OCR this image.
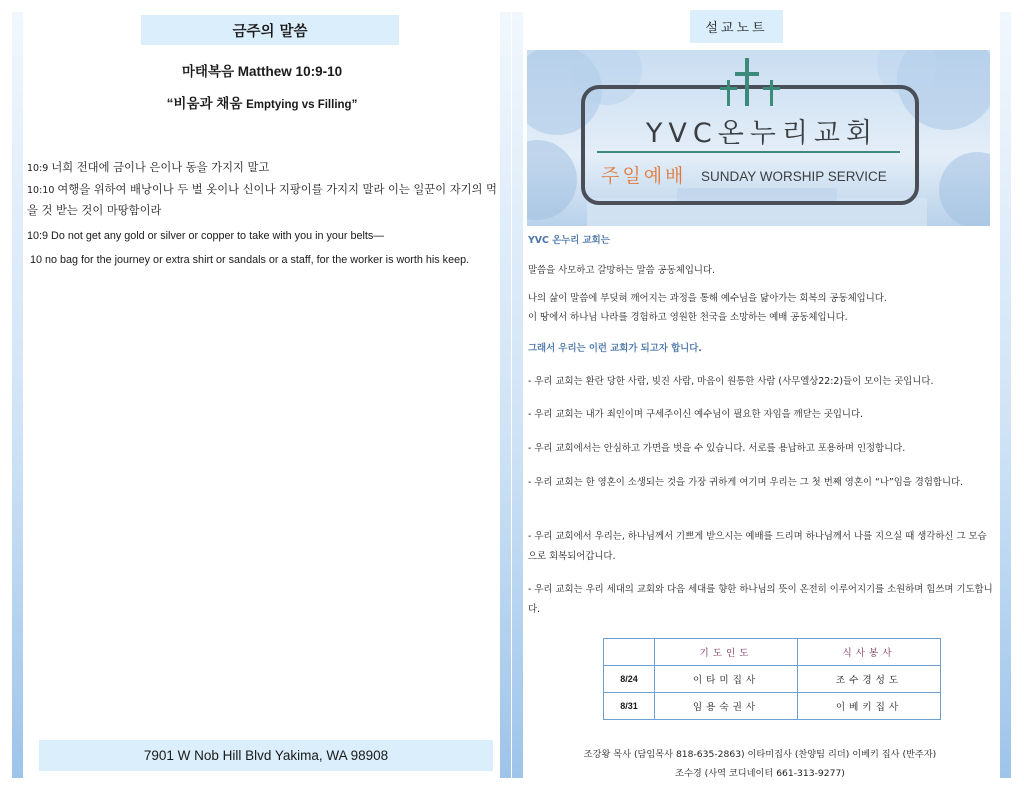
금주의 말씀
마태복음 Matthew 10:9-10
“비움과 채움 Emptying vs Filling”

10:9 너희 전대에 금이나 은이나 동을 가지지 말고

10:10 여행을 위하여 배낭이나 두 벌 옷이나 신이나 지팡이를 가지지 말라 이는 일꾼이 자기의 먹을 것 받는 것이 마땅함이라

10:9 Do not get any gold or silver or copper to take with you in your belts—

10 no bag for the journey or extra shirt or sandals or a staff, for the worker is worth his keep.

7901 W Nob Hill Blvd Yakima, WA 98908
설교노트
YVC온누리교회
주일예배 SUNDAY WORSHIP SERVICE

YVC 온누리 교회는

말씀을 사모하고 갈망하는 말씀 공동체입니다.

나의 삶이 말씀에 부딪혀 깨어지는 과정을 통해 예수님을 닮아가는 회복의 공동체입니다.

이 땅에서 하나님 나라를 경험하고 영원한 천국을 소망하는 예배 공동체입니다.

그래서 우리는 이런 교회가 되고자 합니다.

- 우리 교회는 환란 당한 사람, 빚진 사람, 마음이 원통한 사람 (사무엘상22:2)들이 모이는 곳입니다.

- 우리 교회는 내가 죄인이며 구세주이신 예수님이 필요한 자임을 깨닫는 곳입니다.

- 우리 교회에서는 안심하고 가면을 벗을 수 있습니다. 서로를 용납하고 포용하며 인정합니다.

- 우리 교회는 한 영혼이 소생되는 것을 가장 귀하게 여기며 우리는 그 첫 번째 영혼이 “나”임을 경험합니다.

- 우리 교회에서 우리는, 하나님께서 기쁘게 받으시는 예배를 드리며 하나님께서 나를 지으실 때 생각하신 그 모습으로 회복되어갑니다.

- 우리 교회는 우리 세대의 교회와 다음 세대를 향한 하나님의 뜻이 온전히 이루어지기를 소원하며 힘쓰며 기도합니다.

	기도인도	식사봉사
8/24	이타미집사	조수경성도
8/31	임용숙권사	이베키집사

조강왕 목사 (담임목사 818-635-2863) 이타미집사 (찬양팀 리더) 이베키 집사 (반주자)

조수경 (사역 코디네이터 661-313-9277)
